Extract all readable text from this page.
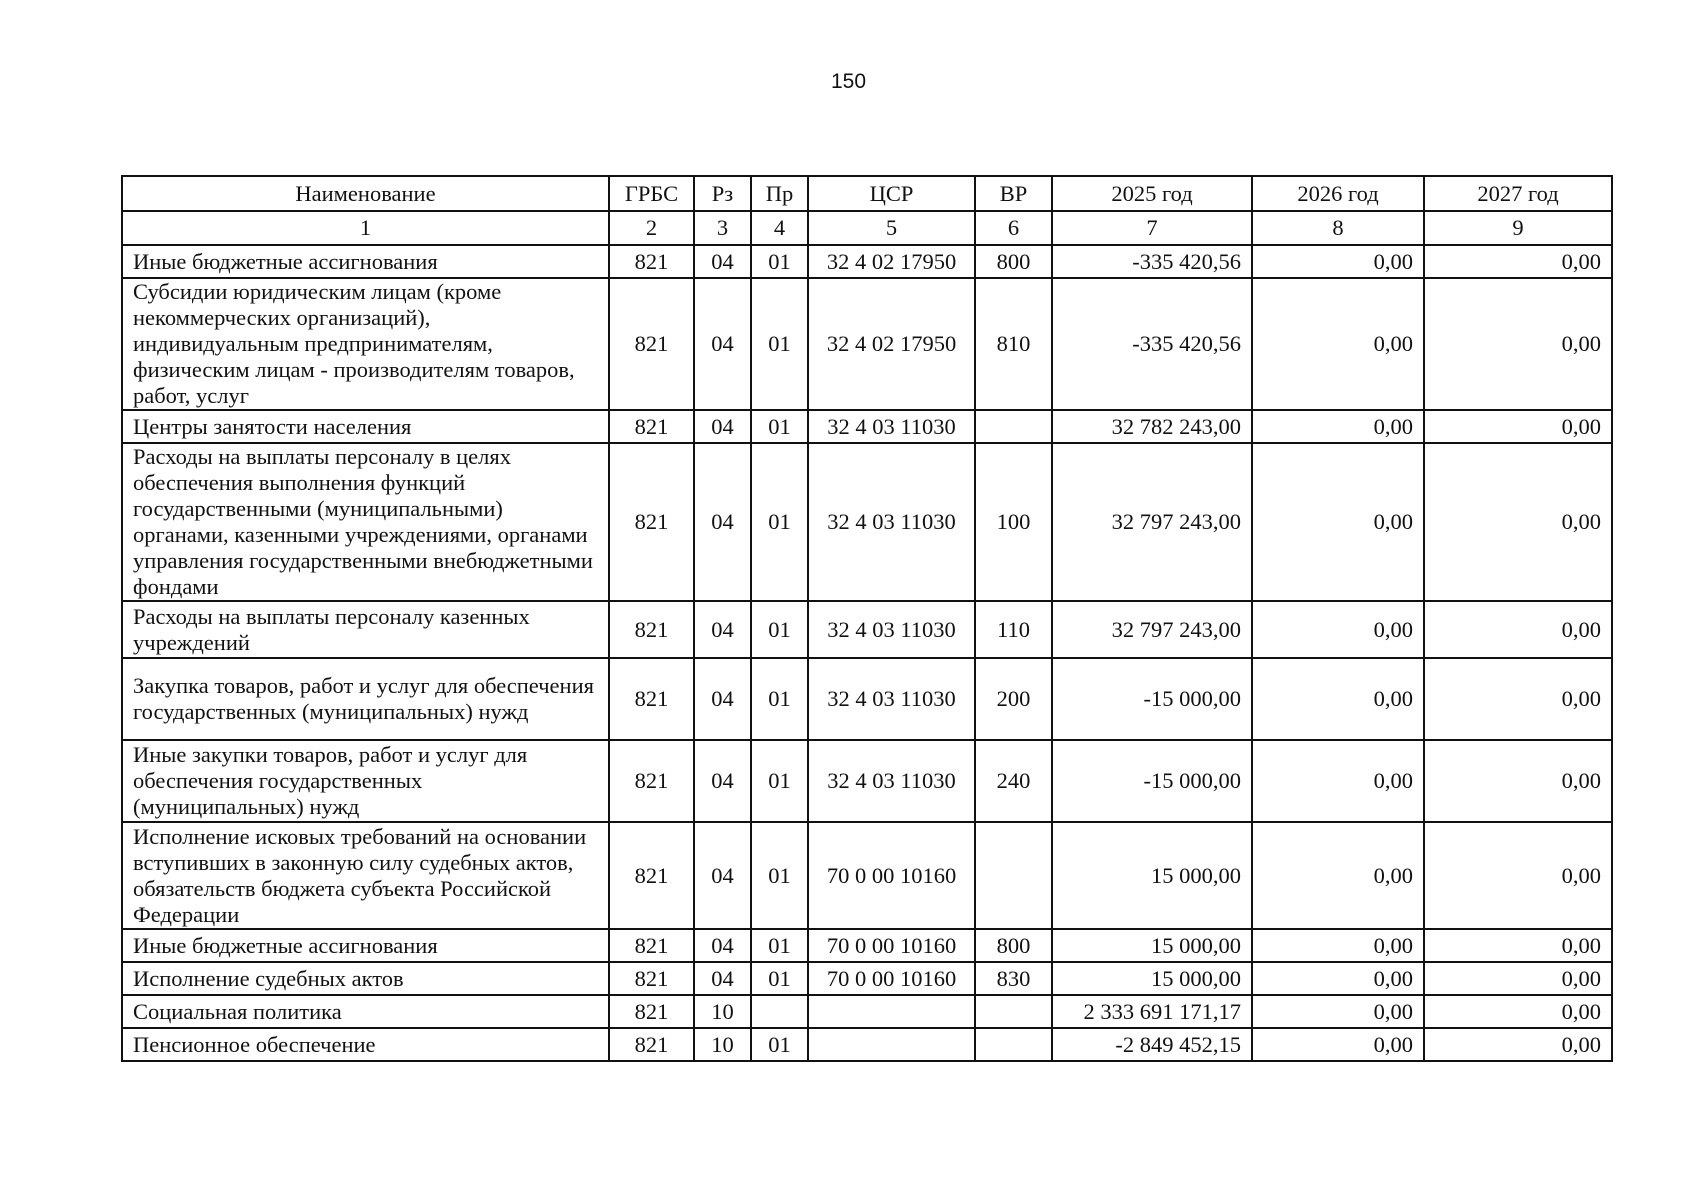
150
Наименование	ГРБС	Рз	Пр	ЦСР	ВР	2025 год	2026 год	2027 год
1	2	3	4	5	6	7	8	9
Иные бюджетные ассигнования	821	04	01	32 4 02 17950	800	-335 420,56	0,00	0,00
Субсидии юридическим лицам (кроме некоммерческих организаций), индивидуальным предпринимателям, физическим лицам - производителям товаров, работ, услуг	821	04	01	32 4 02 17950	810	-335 420,56	0,00	0,00
Центры занятости населения	821	04	01	32 4 03 11030		32 782 243,00	0,00	0,00
Расходы на выплаты персоналу в целях обеспечения выполнения функций государственными (муниципальными) органами, казенными учреждениями, органами управления государственными внебюджетными фондами	821	04	01	32 4 03 11030	100	32 797 243,00	0,00	0,00
Расходы на выплаты персоналу казенных учреждений	821	04	01	32 4 03 11030	110	32 797 243,00	0,00	0,00
Закупка товаров, работ и услуг для обеспечения государственных (муниципальных) нужд	821	04	01	32 4 03 11030	200	-15 000,00	0,00	0,00
Иные закупки товаров, работ и услуг для обеспечения государственных (муниципальных) нужд	821	04	01	32 4 03 11030	240	-15 000,00	0,00	0,00
Исполнение исковых требований на основании вступивших в законную силу судебных актов, обязательств бюджета субъекта Российской Федерации	821	04	01	70 0 00 10160		15 000,00	0,00	0,00
Иные бюджетные ассигнования	821	04	01	70 0 00 10160	800	15 000,00	0,00	0,00
Исполнение судебных актов	821	04	01	70 0 00 10160	830	15 000,00	0,00	0,00
Социальная политика	821	10				2 333 691 171,17	0,00	0,00
Пенсионное обеспечение	821	10	01			-2 849 452,15	0,00	0,00
